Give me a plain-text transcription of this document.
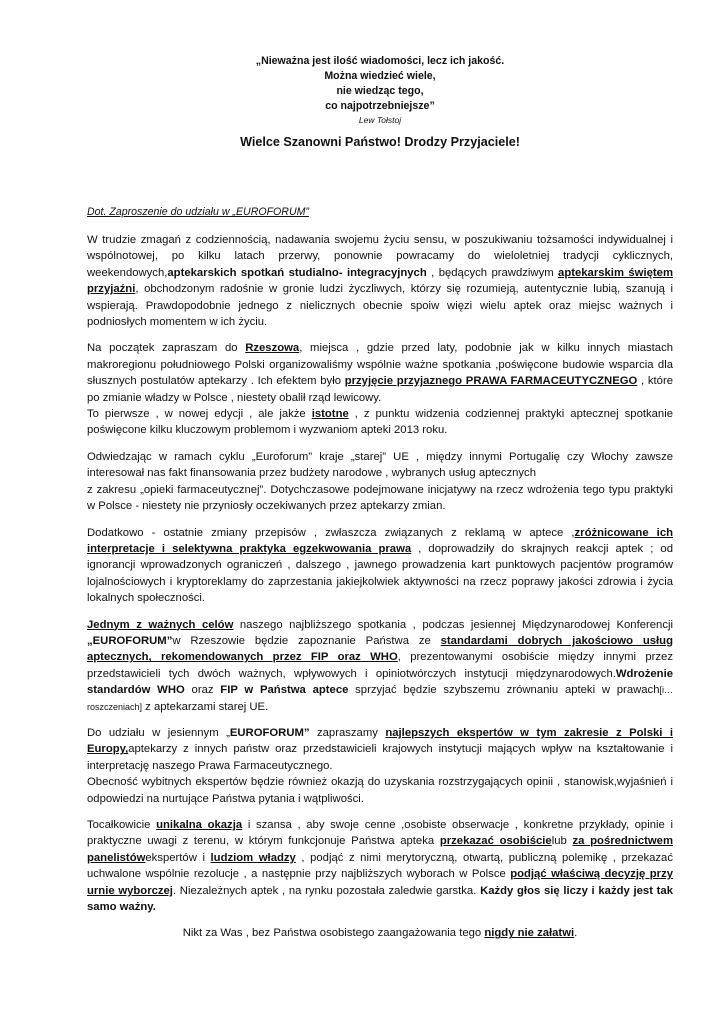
„Nieważna jest ilość wiadomości, lecz ich jakość.
Można wiedzieć wiele,
nie wiedząc tego,
co najpotrzebniejsze”
Lew Tołstoj
Wielce Szanowni Państwo! Drodzy Przyjaciele!
Dot. Zaproszenie do udziału w „EUROFORUM”

W trudzie zmagań z codziennością, nadawania swojemu życiu sensu, w poszukiwaniu tożsamości indywidualnej i wspólnotowej, po kilku latach przerwy, ponownie powracamy do wieloletniej tradycji cyklicznych, weekendowych,aptekarskich spotkań studialno- integracyjnych , będących prawdziwym aptekarskim świętem przyjaźni, obchodzonym radośnie w gronie ludzi życzliwych, którzy się rozumieją, autentycznie lubią, szanują i wspierają. Prawdopodobnie jednego z nielicznych obecnie spoiw więzi wielu aptek oraz miejsc ważnych i podniosłych momentem w ich życiu.

Na początek zapraszam do Rzeszowa, miejsca , gdzie przed laty, podobnie jak w kilku innych miastach makroregionu południowego Polski organizowaliśmy wspólnie ważne spotkania ,poświęcone budowie wsparcia dla słusznych postulatów aptekarzy . Ich efektem było przyjęcie przyjaznego PRAWA FARMACEUTYCZNEGO , które po zmianie władzy w Polsce , niestety obalił rząd lewicowy.
To pierwsze , w nowej edycji , ale jakże istotne , z punktu widzenia codziennej praktyki aptecznej spotkanie poświęcone kilku kluczowym problemom i wyzwaniom apteki 2013 roku.

Odwiedzając w ramach cyklu „Euroforum” kraje „starej” UE , między innymi Portugalię czy Włochy zawsze interesował nas fakt finansowania przez budżety narodowe , wybranych usług aptecznych
z zakresu „opieki farmaceutycznej”. Dotychczasowe podejmowane inicjatywy na rzecz wdrożenia tego typu praktyki w Polsce - niestety nie przyniosły oczekiwanych przez aptekarzy zmian.

Dodatkowo - ostatnie zmiany przepisów , zwłaszcza związanych z reklamą w aptece ,zróżnicowane ich interpretacje i selektywna praktyka egzekwowania prawa , doprowadziły do skrajnych reakcji aptek ; od ignorancji wprowadzonych ograniczeń , dalszego , jawnego prowadzenia kart punktowych pacjentów programów lojalnościowych i kryptoreklamy do zaprzestania jakiejkolwiek aktywności na rzecz poprawy jakości zdrowia i życia lokalnych społeczności.

Jednym z ważnych celów naszego najbliższego spotkania , podczas jesiennej Międzynarodowej Konferencji „EUROFORUM”w Rzeszowie będzie zapoznanie Państwa ze standardami dobrych jakościowo usług aptecznych, rekomendowanych przez FIP oraz WHO, prezentowanymi osobiście między innymi przez przedstawicieli tych dwóch ważnych, wpływowych i opiniotwórczych instytucji międzynarodowych.Wdrożenie standardów WHO oraz FIP w Państwa aptece sprzyjać będzie szybszemu zrównaniu apteki w prawach[i…roszczeniach] z aptekarzami starej UE.

Do udziału w jesiennym „EUROFORUM” zapraszamy najlepszych ekspertów w tym zakresie z Polski i Europy,aptekarzy z innych państw oraz przedstawicieli krajowych instytucji mających wpływ na kształtowanie i interpretację naszego Prawa Farmaceutycznego.
Obecność wybitnych ekspertów będzie również okazją do uzyskania rozstrzygających opinii , stanowisk,wyjaśnień i odpowiedzi na nurtujące Państwa pytania i wątpliwości.

Tocałkowicie unikalna okazja i szansa , aby swoje cenne ,osobiste obserwacje , konkretne przykłady, opinie i praktyczne uwagi z terenu, w którym funkcjonuje Państwa apteka przekazać osobiścielub za pośrednictwem panelistówekspertów i ludziom władzy , podjąć z nimi merytoryczną, otwartą, publiczną polemikę , przekazać uchwalone wspólnie rezolucje , a następnie przy najbliższych wyborach w Polsce podjąć właściwą decyzję przy urnie wyborczej. Niezależnych aptek , na rynku pozostała zaledwie garstka. Każdy głos się liczy i każdy jest tak samo ważny.

Nikt za Was , bez Państwa osobistego zaangażowania tego nigdy nie załatwi.
